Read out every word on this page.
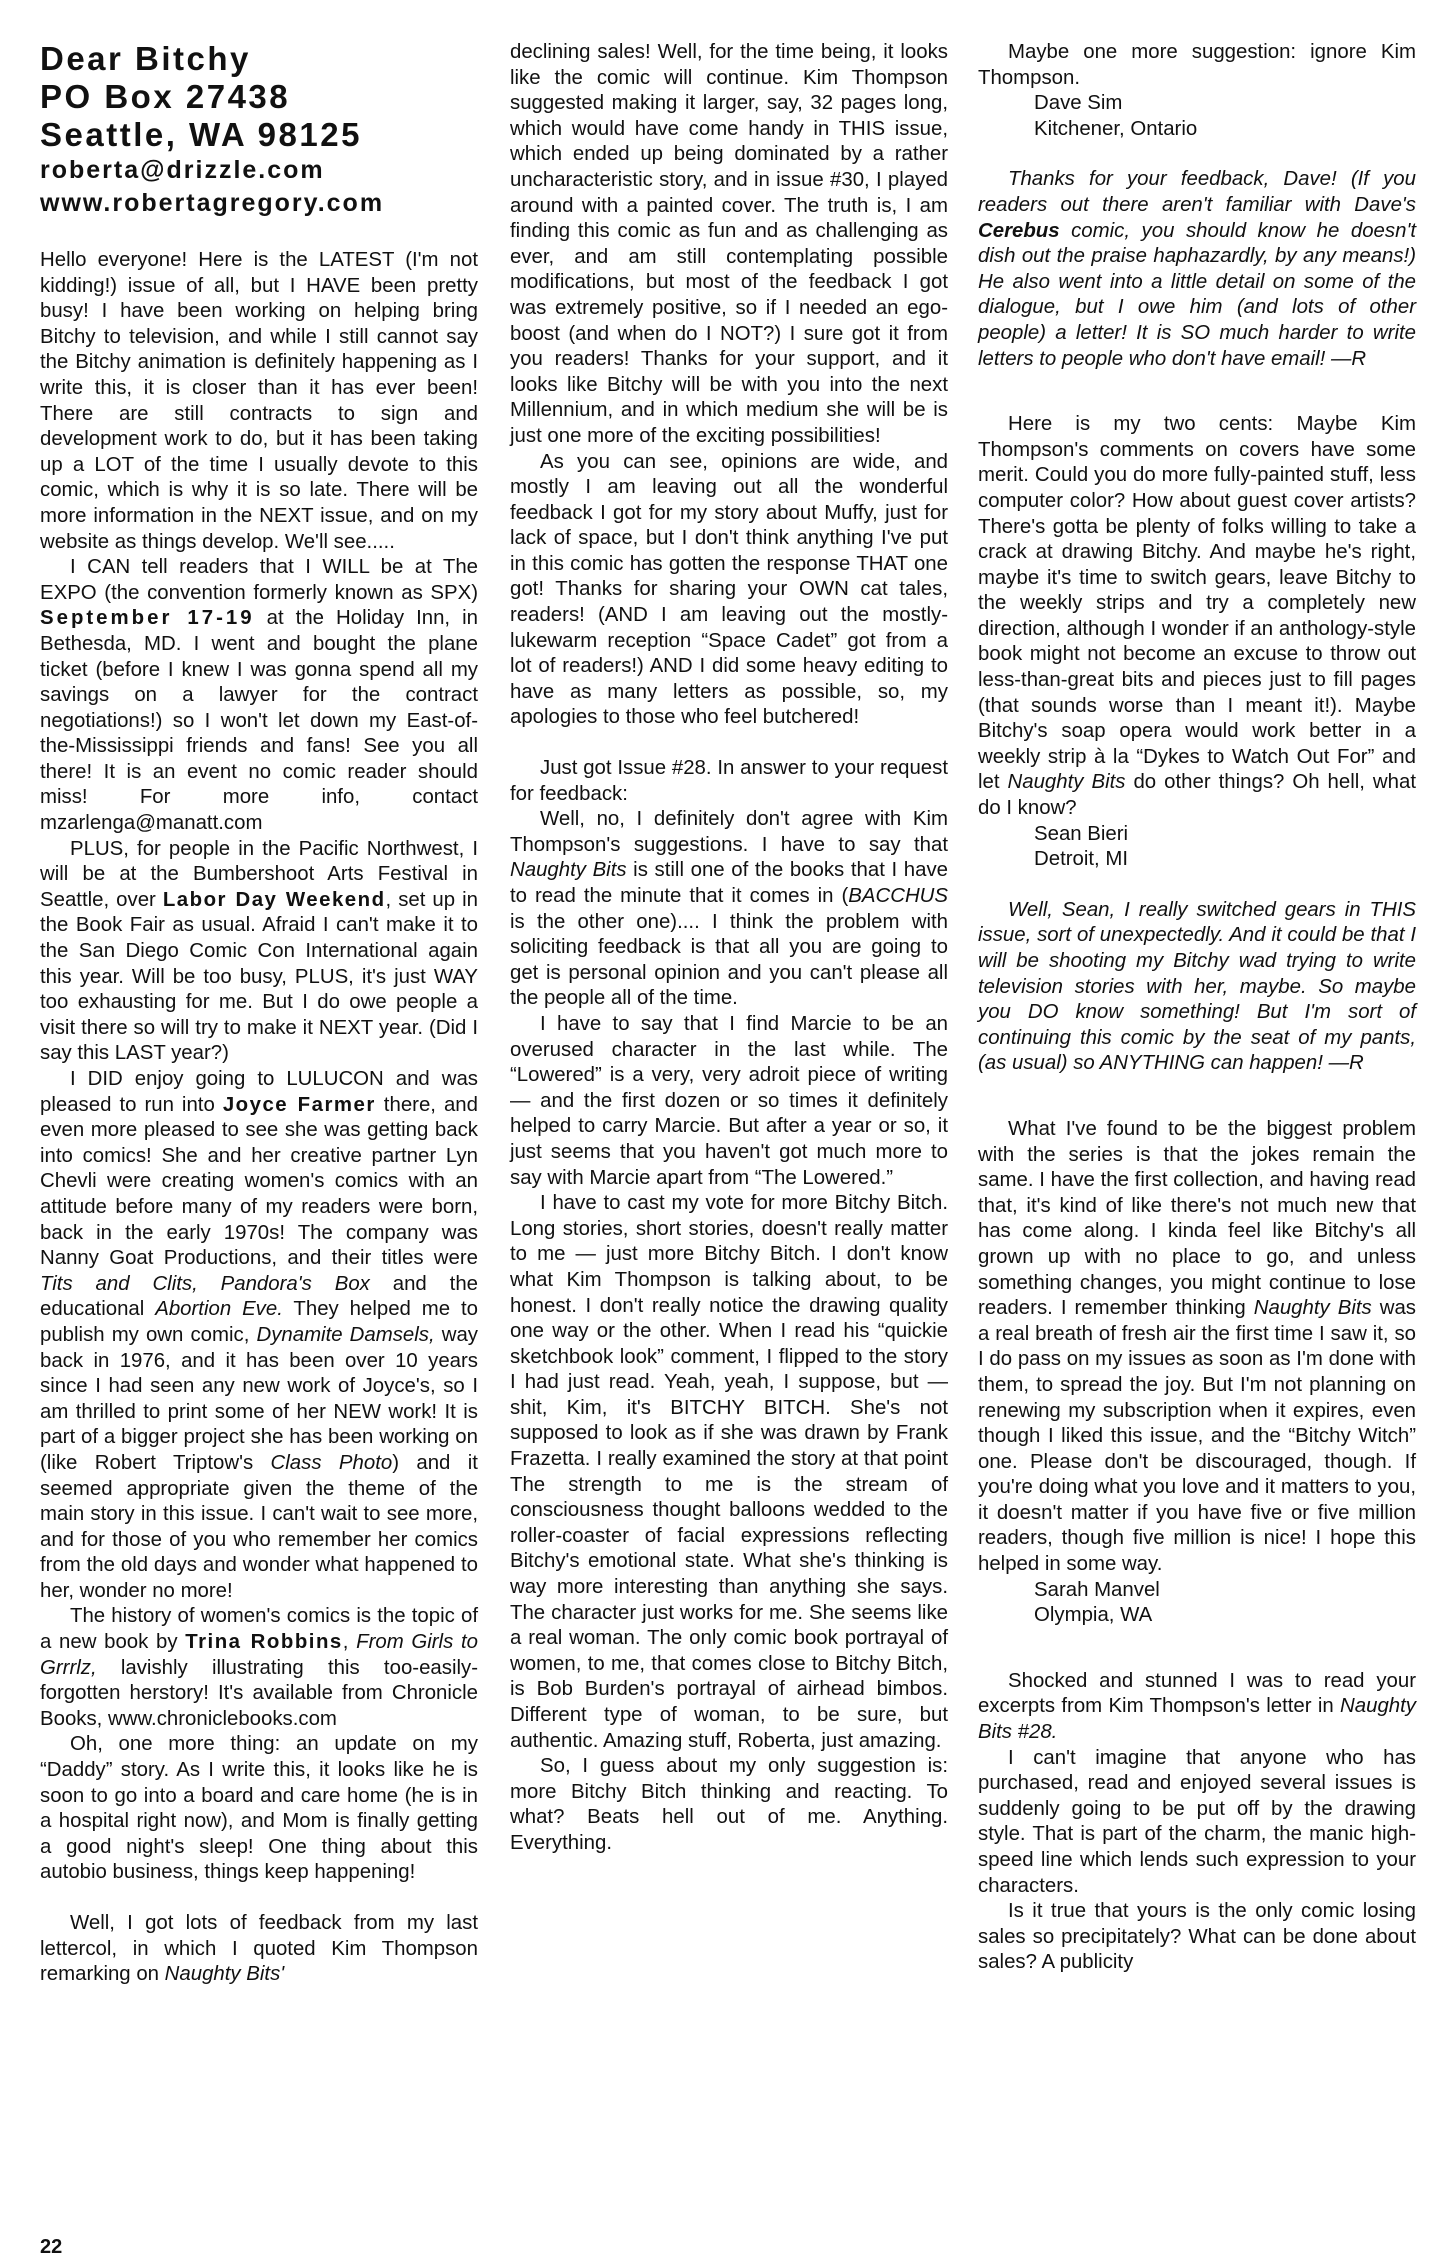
Dear Bitchy
PO Box 27438
Seattle, WA 98125
roberta@drizzle.com
www.robertagregory.com

Hello everyone! Here is the LATEST (I'm not kidding!) issue of all, but I HAVE been pretty busy! I have been working on helping bring Bitchy to television, and while I still cannot say the Bitchy animation is definitely happening as I write this, it is closer than it has ever been! There are still contracts to sign and development work to do, but it has been taking up a LOT of the time I usually devote to this comic, which is why it is so late. There will be more information in the NEXT issue, and on my website as things develop. We'll see.....

I CAN tell readers that I WILL be at The EXPO (the convention formerly known as SPX) September 17-19 at the Holiday Inn, in Bethesda, MD. I went and bought the plane ticket (before I knew I was gonna spend all my savings on a lawyer for the contract negotiations!) so I won't let down my East-of-the-Mississippi friends and fans! See you all there! It is an event no comic reader should miss! For more info, contact mzarlenga@manatt.com

PLUS, for people in the Pacific Northwest, I will be at the Bumbershoot Arts Festival in Seattle, over Labor Day Weekend, set up in the Book Fair as usual. Afraid I can't make it to the San Diego Comic Con International again this year. Will be too busy, PLUS, it's just WAY too exhausting for me. But I do owe people a visit there so will try to make it NEXT year. (Did I say this LAST year?)

I DID enjoy going to LULUCON and was pleased to run into Joyce Farmer there, and even more pleased to see she was getting back into comics! She and her creative partner Lyn Chevli were creating women's comics with an attitude before many of my readers were born, back in the early 1970s! The company was Nanny Goat Productions, and their titles were Tits and Clits, Pandora's Box and the educational Abortion Eve. They helped me to publish my own comic, Dynamite Damsels, way back in 1976, and it has been over 10 years since I had seen any new work of Joyce's, so I am thrilled to print some of her NEW work! It is part of a bigger project she has been working on (like Robert Triptow's Class Photo) and it seemed appropriate given the theme of the main story in this issue. I can't wait to see more, and for those of you who remember her comics from the old days and wonder what happened to her, wonder no more!

The history of women's comics is the topic of a new book by Trina Robbins, From Girls to Grrrlz, lavishly illustrating this too-easily-forgotten herstory! It's available from Chronicle Books, www.chroniclebooks.com

Oh, one more thing: an update on my “Daddy” story. As I write this, it looks like he is soon to go into a board and care home (he is in a hospital right now), and Mom is finally getting a good night's sleep! One thing about this autobio business, things keep happening!

Well, I got lots of feedback from my last lettercol, in which I quoted Kim Thompson remarking on Naughty Bits'

declining sales! Well, for the time being, it looks like the comic will continue. Kim Thompson suggested making it larger, say, 32 pages long, which would have come handy in THIS issue, which ended up being dominated by a rather uncharacteristic story, and in issue #30, I played around with a painted cover. The truth is, I am finding this comic as fun and as challenging as ever, and am still contemplating possible modifications, but most of the feedback I got was extremely positive, so if I needed an ego-boost (and when do I NOT?) I sure got it from you readers! Thanks for your support, and it looks like Bitchy will be with you into the next Millennium, and in which medium she will be is just one more of the exciting possibilities!

As you can see, opinions are wide, and mostly I am leaving out all the wonderful feedback I got for my story about Muffy, just for lack of space, but I don't think anything I've put in this comic has gotten the response THAT one got! Thanks for sharing your OWN cat tales, readers! (AND I am leaving out the mostly-lukewarm reception “Space Cadet” got from a lot of readers!) AND I did some heavy editing to have as many letters as possible, so, my apologies to those who feel butchered!

Just got Issue #28. In answer to your request for feedback:

Well, no, I definitely don't agree with Kim Thompson's suggestions. I have to say that Naughty Bits is still one of the books that I have to read the minute that it comes in (BACCHUS is the other one).... I think the problem with soliciting feedback is that all you are going to get is personal opinion and you can't please all the people all of the time.

I have to say that I find Marcie to be an overused character in the last while. The “Lowered” is a very, very adroit piece of writing — and the first dozen or so times it definitely helped to carry Marcie. But after a year or so, it just seems that you haven't got much more to say with Marcie apart from “The Lowered.”

I have to cast my vote for more Bitchy Bitch. Long stories, short stories, doesn't really matter to me — just more Bitchy Bitch. I don't know what Kim Thompson is talking about, to be honest. I don't really notice the drawing quality one way or the other. When I read his “quickie sketchbook look” comment, I flipped to the story I had just read. Yeah, yeah, I suppose, but — shit, Kim, it's BITCHY BITCH. She's not supposed to look as if she was drawn by Frank Frazetta. I really examined the story at that point The strength to me is the stream of consciousness thought balloons wedded to the roller-coaster of facial expressions reflecting Bitchy's emotional state. What she's thinking is way more interesting than anything she says. The character just works for me. She seems like a real woman. The only comic book portrayal of women, to me, that comes close to Bitchy Bitch, is Bob Burden's portrayal of airhead bimbos. Different type of woman, to be sure, but authentic. Amazing stuff, Roberta, just amazing.

So, I guess about my only suggestion is: more Bitchy Bitch thinking and reacting. To what? Beats hell out of me. Anything. Everything.

Maybe one more suggestion: ignore Kim Thompson.

Dave Sim
Kitchener, Ontario

Thanks for your feedback, Dave! (If you readers out there aren't familiar with Dave's Cerebus comic, you should know he doesn't dish out the praise haphazardly, by any means!) He also went into a little detail on some of the dialogue, but I owe him (and lots of other people) a letter! It is SO much harder to write letters to people who don't have email! —R

Here is my two cents: Maybe Kim Thompson's comments on covers have some merit. Could you do more fully-painted stuff, less computer color? How about guest cover artists? There's gotta be plenty of folks willing to take a crack at drawing Bitchy. And maybe he's right, maybe it's time to switch gears, leave Bitchy to the weekly strips and try a completely new direction, although I wonder if an anthology-style book might not become an excuse to throw out less-than-great bits and pieces just to fill pages (that sounds worse than I meant it!). Maybe Bitchy's soap opera would work better in a weekly strip à la “Dykes to Watch Out For” and let Naughty Bits do other things? Oh hell, what do I know?

Sean Bieri
Detroit, MI

Well, Sean, I really switched gears in THIS issue, sort of unexpectedly. And it could be that I will be shooting my Bitchy wad trying to write television stories with her, maybe. So maybe you DO know something! But I'm sort of continuing this comic by the seat of my pants, (as usual) so ANYTHING can happen! —R

What I've found to be the biggest problem with the series is that the jokes remain the same. I have the first collection, and having read that, it's kind of like there's not much new that has come along. I kinda feel like Bitchy's all grown up with no place to go, and unless something changes, you might continue to lose readers. I remember thinking Naughty Bits was a real breath of fresh air the first time I saw it, so I do pass on my issues as soon as I'm done with them, to spread the joy. But I'm not planning on renewing my subscription when it expires, even though I liked this issue, and the “Bitchy Witch” one. Please don't be discouraged, though. If you're doing what you love and it matters to you, it doesn't matter if you have five or five million readers, though five million is nice! I hope this helped in some way.

Sarah Manvel
Olympia, WA

Shocked and stunned I was to read your excerpts from Kim Thompson's letter in Naughty Bits #28.

I can't imagine that anyone who has purchased, read and enjoyed several issues is suddenly going to be put off by the drawing style. That is part of the charm, the manic high-speed line which lends such expression to your characters.

Is it true that yours is the only comic losing sales so precipitately? What can be done about sales? A publicity

22
